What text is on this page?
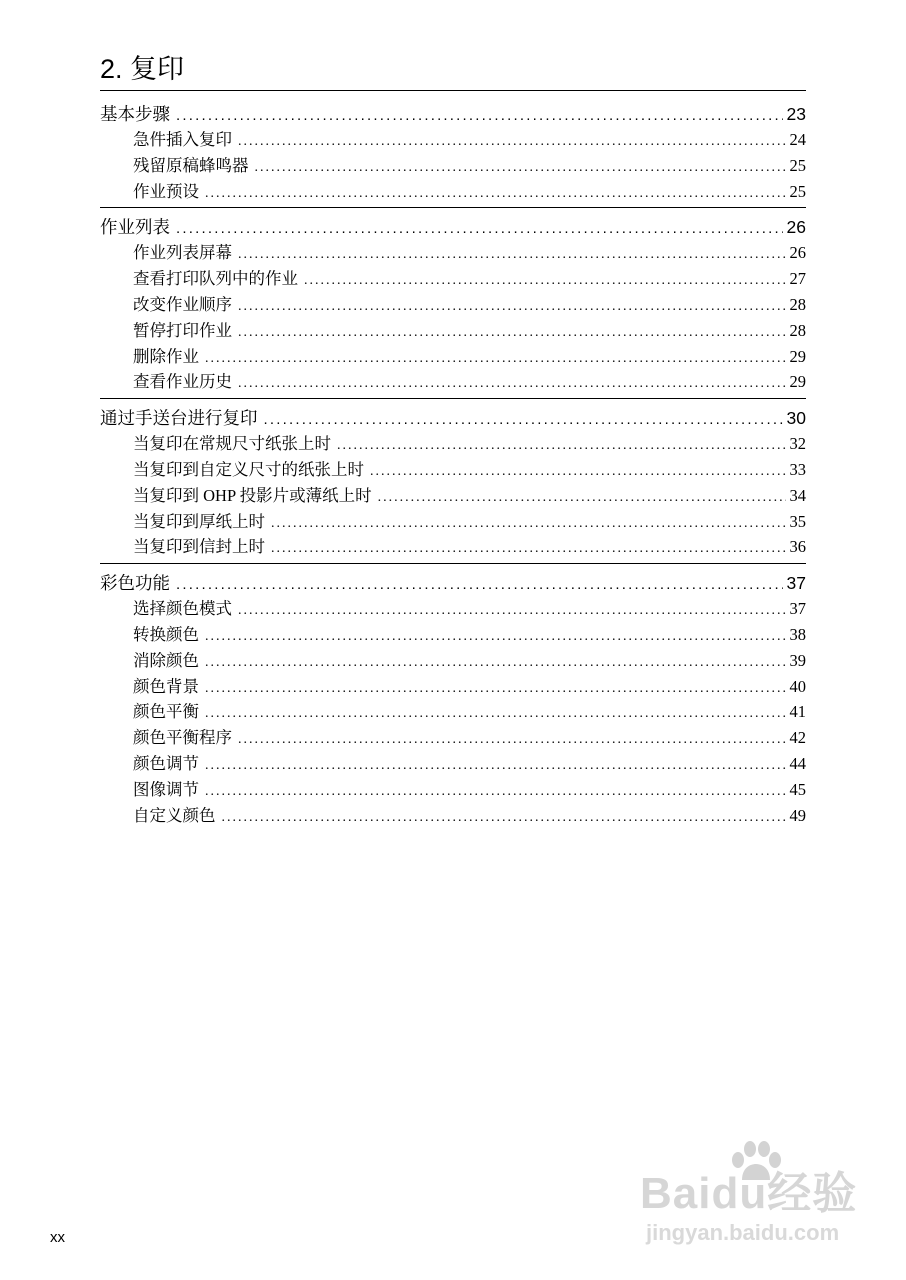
2. 复印
基本步骤 .....	23
急件插入复印 .....	24
残留原稿蜂鸣器 .....	25
作业预设 .....	25
作业列表 .....	26
作业列表屏幕 .....	26
查看打印队列中的作业 .....	27
改变作业顺序 .....	28
暂停打印作业 .....	28
删除作业 .....	29
查看作业历史 .....	29
通过手送台进行复印 .....	30
当复印在常规尺寸纸张上时 .....	32
当复印到自定义尺寸的纸张上时 .....	33
当复印到 OHP 投影片或薄纸上时 .....	34
当复印到厚纸上时 .....	35
当复印到信封上时 .....	36
彩色功能 .....	37
选择颜色模式 .....	37
转换颜色 .....	38
消除颜色 .....	39
颜色背景 .....	40
颜色平衡 .....	41
颜色平衡程序 .....	42
颜色调节 .....	44
图像调节 .....	45
自定义颜色 .....	49
xx
Baidu经验
jingyan.baidu.com
